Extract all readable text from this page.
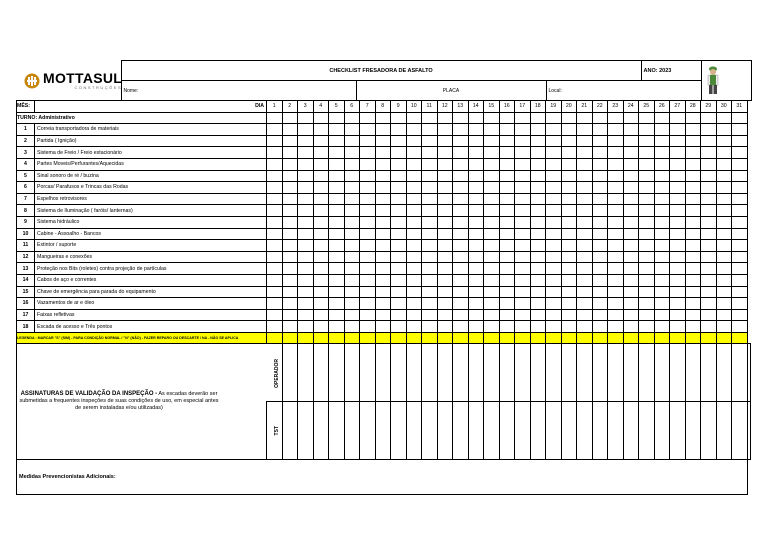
MOTTASUL
CONSTRUÇÕES	CHECKLIST FRESADORA DE ASFALTO			ANO: 2023	
	Nome:	PLACA	Local:		
MÊS:	DIA	1	2	3	4	5	6	7	8	9	10	11	12	13	14	15	16	17	18	19	20	21	22	23	24	25	26	27	28	29	30	31	
TURNO: Administrativo																																	
1	Correia transportadora de materiais																																
2	Partida ( Ignição)																																
3	Sistema de Freio / Freio estacionário																																
4	Partes Moveis/Perfurantes/Aquecidas																																
5	Sinal sonoro de ré / buzina																																
6	Porcas/ Parafusos e Trincas das Rodas																																
7	Espelhos retrovisores																																
8	Sistema de Iluminação ( faróis/ lanternas)																																
9	Sistema hidráulico																																
10	Cabine - Assoalho - Bancos																																
11	Extintor / suporte																																
12	Mangueiras e conexões																																
13	Proteção nos Bits (roletes) contra projeção de partículas																																
14	Cabos de aço e correntes																																
15	Chave de emergência para parada do equipamento																																
16	Vazamentos de ar e óleo																																
17	Faixas refletivas																																
18	Escada de acesso e Três pontos																																
LEGENDA : MARCAR "S" (SIM) - PARA CONDIÇÃO NORMAL / "N" (NÃO) - FAZER REPARO OU DESCARTE / NA - NÃO SE APLICA																																	

ASSINATURAS DE VALIDAÇÃO DA INSPEÇÃO - As escadas deverão ser submetidas a frequentes inspeções de suas condições de uso, em especial antes de serem instaladas e/ou utilizadas)		OPERADOR																															

		TST																															

Medidas Prevencionistas Adicionais:																																	
